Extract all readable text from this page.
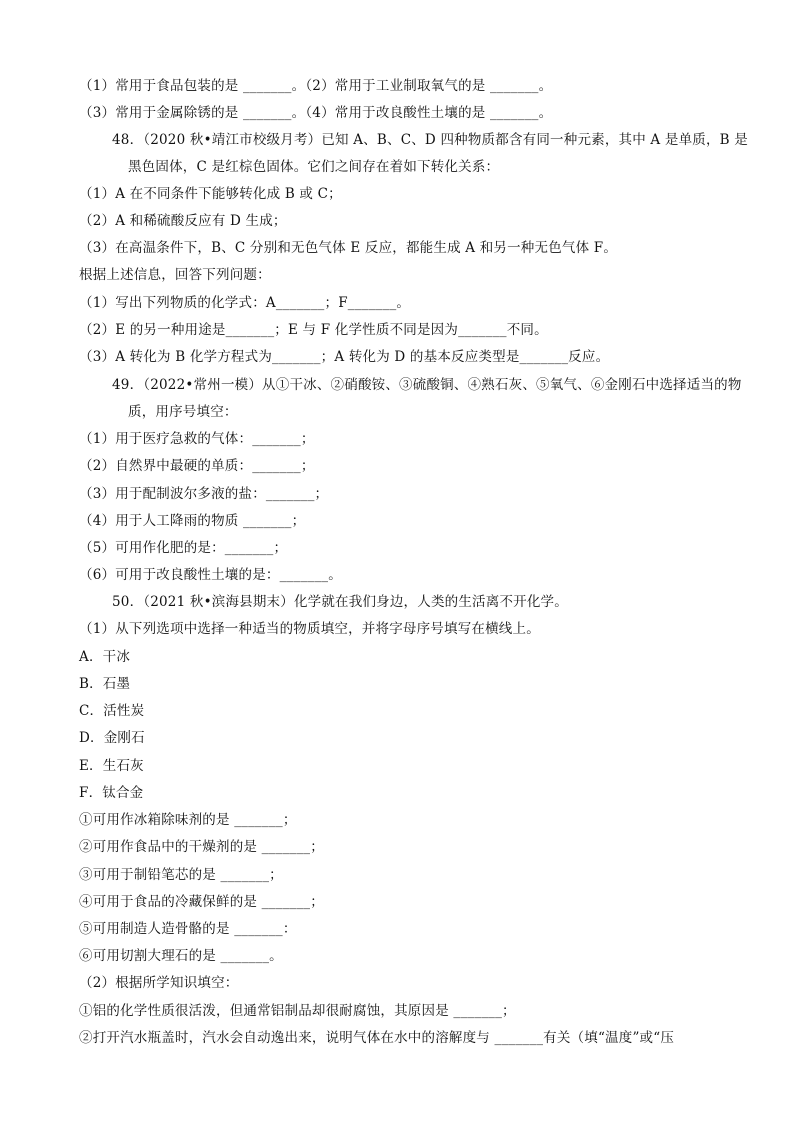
（1）常用于食品包装的是 _______。（2）常用于工业制取氧气的是 _______。
（3）常用于金属除锈的是 _______。（4）常用于改良酸性土壤的是 _______。
48．（2020 秋•靖江市校级月考）已知 A、B、C、D 四种物质都含有同一种元素，其中 A 是单质，B 是
黑色固体，C 是红棕色固体。它们之间存在着如下转化关系：
（1）A 在不同条件下能够转化成 B 或 C；
（2）A 和稀硫酸反应有 D 生成；
（3）在高温条件下，B、C 分别和无色气体 E 反应，都能生成 A 和另一种无色气体 F。
根据上述信息，回答下列问题：
（1）写出下列物质的化学式：A_______；F_______。
（2）E 的另一种用途是_______；E 与 F 化学性质不同是因为_______不同。
（3）A 转化为 B 化学方程式为_______；A 转化为 D 的基本反应类型是_______反应。
49．（2022•常州一模）从①干冰、②硝酸铵、③硫酸铜、④熟石灰、⑤氧气、⑥金刚石中选择适当的物
质，用序号填空：
（1）用于医疗急救的气体：_______；
（2）自然界中最硬的单质：_______；
（3）用于配制波尔多液的盐：_______；
（4）用于人工降雨的物质 _______；
（5）可用作化肥的是：_______；
（6）可用于改良酸性土壤的是：_______。
50．（2021 秋•滨海县期末）化学就在我们身边，人类的生活离不开化学。
（1）从下列选项中选择一种适当的物质填空，并将字母序号填写在横线上。
A．干冰
B．石墨
C．活性炭
D．金刚石
E．生石灰
F．钛合金
①可用作冰箱除味剂的是 _______；
②可用作食品中的干燥剂的是 _______；
③可用于制铅笔芯的是 _______；
④可用于食品的冷藏保鲜的是 _______；
⑤可用制造人造骨骼的是 _______：
⑥可用切割大理石的是 _______。
（2）根据所学知识填空：
①铝的化学性质很活泼，但通常铝制品却很耐腐蚀，其原因是 _______；
②打开汽水瓶盖时，汽水会自动逸出来，说明气体在水中的溶解度与 _______有关（填“温度”或“压
